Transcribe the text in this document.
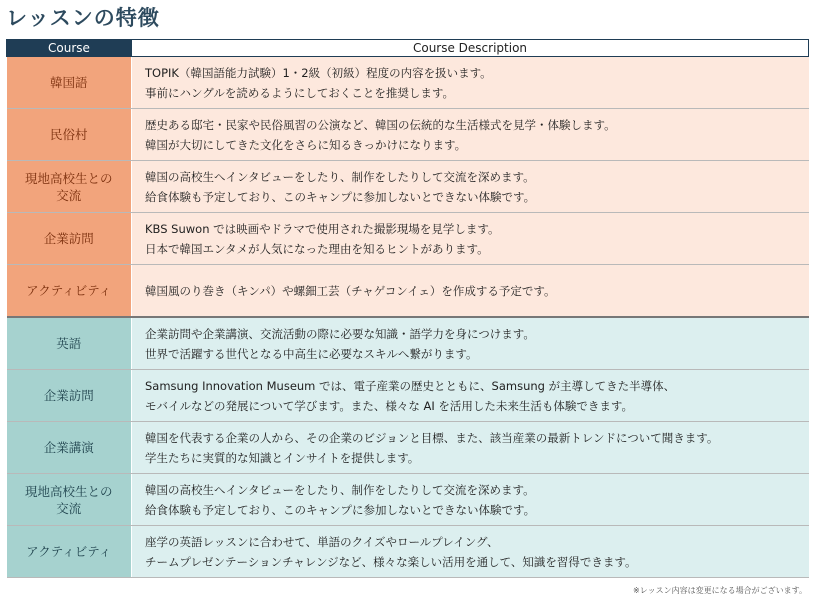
レッスンの特徴
Course	Course Description

韓国語	TOPIK（韓国語能力試験）1・2級（初級）程度の内容を扱います。
事前にハングルを読めるようにしておくことを推奨します。

民俗村	歴史ある邸宅・民家や民俗風習の公演など、韓国の伝統的な生活様式を見学・体験します。
韓国が大切にしてきた文化をさらに知るきっかけになります。

現地高校生との
交流	韓国の高校生へインタビューをしたり、制作をしたりして交流を深めます。
給食体験も予定しており、このキャンプに参加しないとできない体験です。

企業訪問	KBS Suwon では映画やドラマで使用された撮影現場を見学します。
日本で韓国エンタメが人気になった理由を知るヒントがあります。

アクティビティ	韓国風のり巻き（キンパ）や螺鈿工芸（チャゲコンイェ）を作成する予定です。

英語	企業訪問や企業講演、交流活動の際に必要な知識・語学力を身につけます。
世界で活躍する世代となる中高生に必要なスキルへ繋がります。

企業訪問	Samsung Innovation Museum では、電子産業の歴史とともに、Samsung が主導してきた半導体、
モバイルなどの発展について学びます。また、様々な AI を活用した未来生活も体験できます。

企業講演	韓国を代表する企業の人から、その企業のビジョンと目標、また、該当産業の最新トレンドについて聞きます。
学生たちに実質的な知識とインサイトを提供します。

現地高校生との
交流	韓国の高校生へインタビューをしたり、制作をしたりして交流を深めます。
給食体験も予定しており、このキャンプに参加しないとできない体験です。

アクティビティ	座学の英語レッスンに合わせて、単語のクイズやロールプレイング、
チームプレゼンテーションチャレンジなど、様々な楽しい活用を通して、知識を習得できます。
※レッスン内容は変更になる場合がございます。
